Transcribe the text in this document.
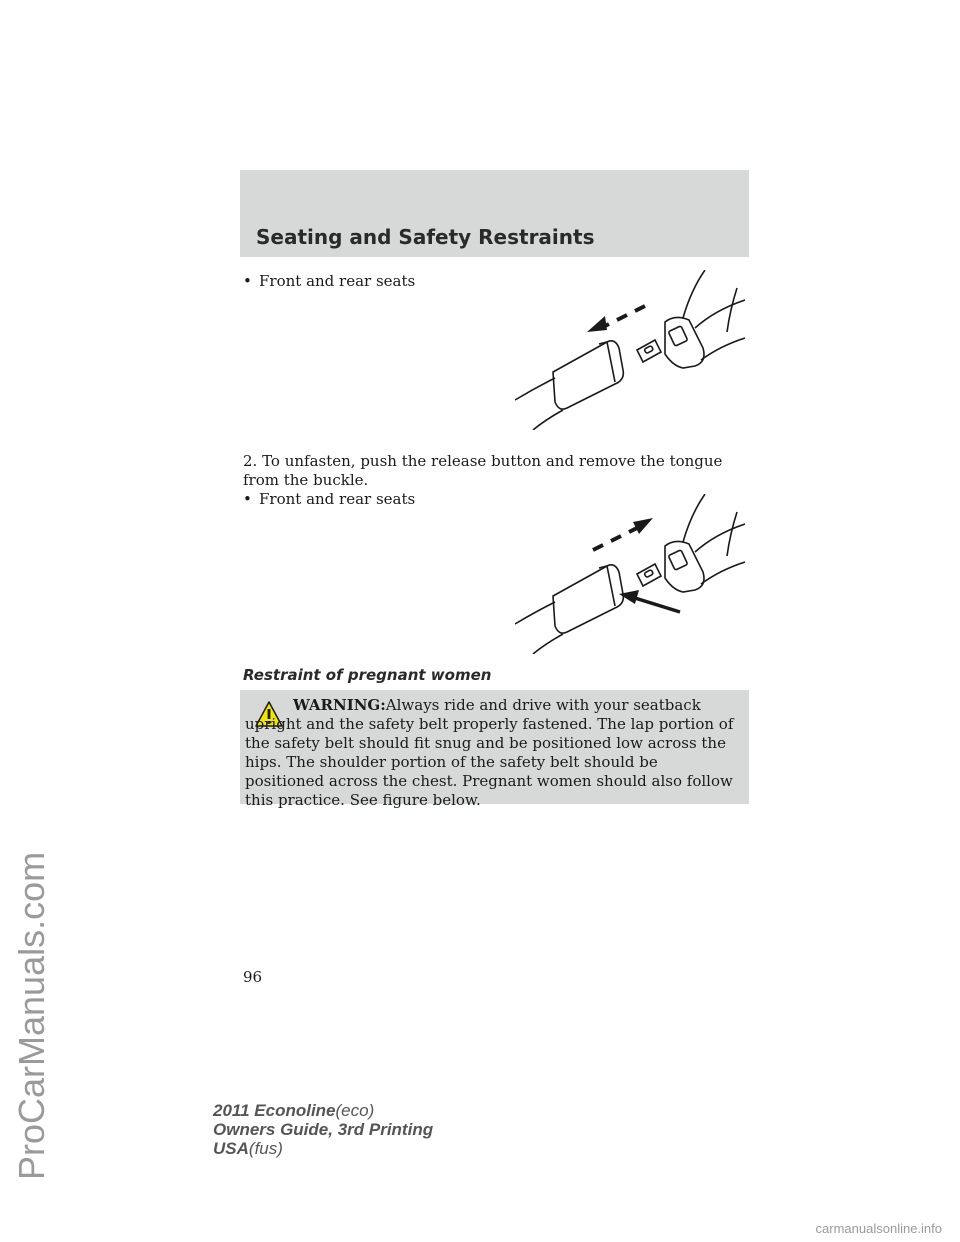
ProCarManuals.com
carmanualsonline.info
Seating and Safety Restraints
• Front and rear seats
2. To unfasten, push the release button and remove the tongue from the buckle.
• Front and rear seats
Restraint of pregnant women
WARNING:Always ride and drive with your seatback upright and the safety belt properly fastened. The lap portion of the safety belt should fit snug and be positioned low across the hips. The shoulder portion of the safety belt should be positioned across the chest. Pregnant women should also follow this practice. See figure below.
96
2011 Econoline(eco)
Owners Guide, 3rd Printing
USA(fus)
